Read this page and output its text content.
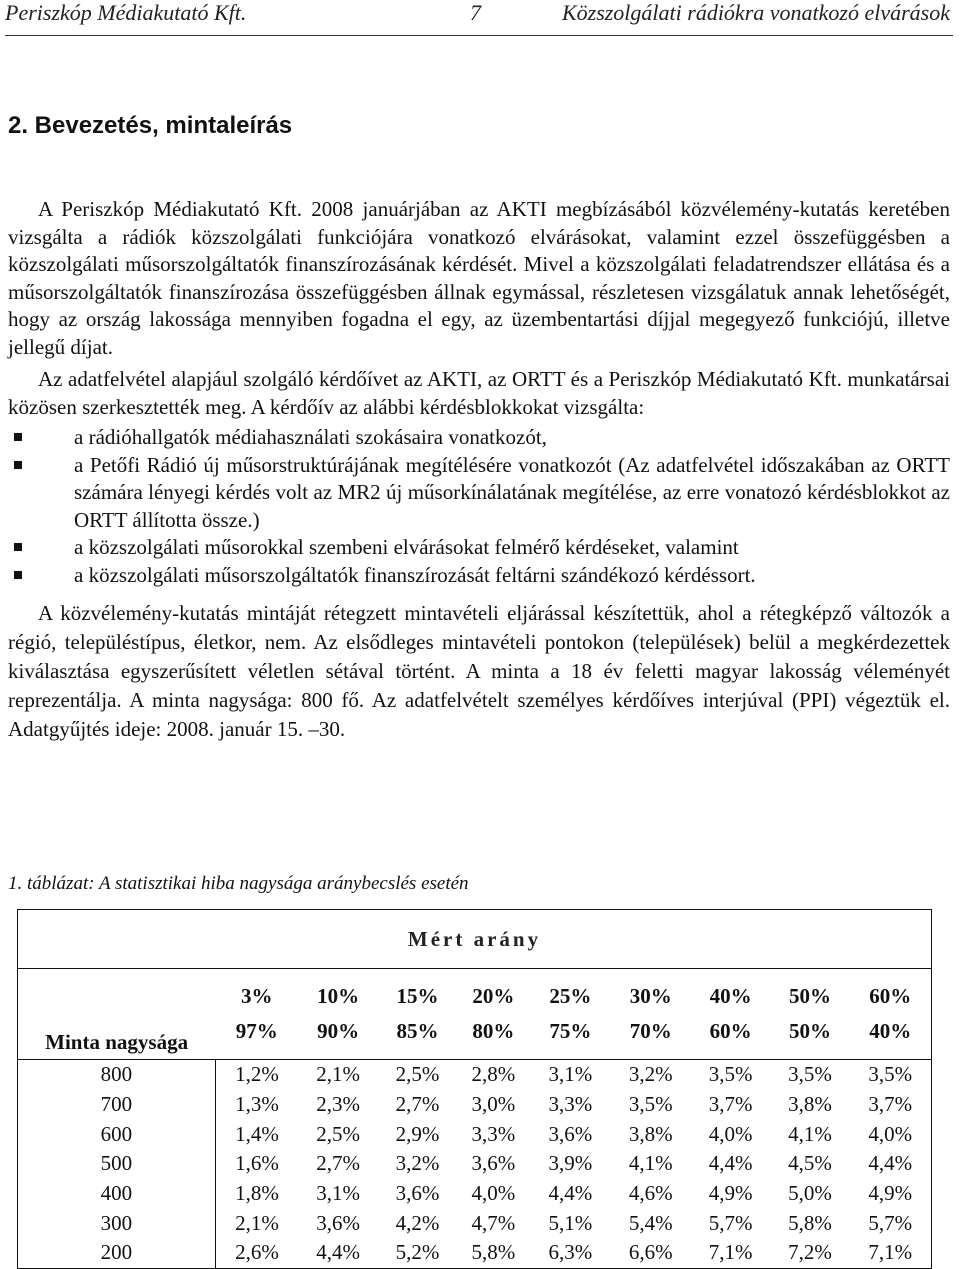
Periszkóp Médiakutató Kft.	7	Közszolgálati rádiókra vonatkozó elvárások
2. Bevezetés, mintaleírás

A Periszkóp Médiakutató Kft. 2008 januárjában az AKTI megbízásából közvélemény-kutatás keretében vizsgálta a rádiók közszolgálati funkciójára vonatkozó elvárásokat, valamint ezzel összefüggésben a közszolgálati műsorszolgáltatók finanszírozásának kérdését. Mivel a közszolgálati feladatrendszer ellátása és a műsorszolgáltatók finanszírozása összefüggésben állnak egymással, részletesen vizsgálatuk annak lehetőségét, hogy az ország lakossága mennyiben fogadna el egy, az üzembentartási díjjal megegyező funkciójú, illetve jellegű díjat.

Az adatfelvétel alapjául szolgáló kérdőívet az AKTI, az ORTT és a Periszkóp Médiakutató Kft. munkatársai közösen szerkesztették meg. A kérdőív az alábbi kérdésblokkokat vizsgálta:

a rádióhallgatók médiahasználati szokásaira vonatkozót,
a Petőfi Rádió új műsorstruktúrájának megítélésére vonatkozót (Az adatfelvétel időszakában az ORTT számára lényegi kérdés volt az MR2 új műsorkínálatának megítélése, az erre vonatozó kérdésblokkot az ORTT állította össze.)
a közszolgálati műsorokkal szembeni elvárásokat felmérő kérdéseket, valamint
a közszolgálati műsorszolgáltatók finanszírozását feltárni szándékozó kérdéssort.

A közvélemény-kutatás mintáját rétegzett mintavételi eljárással készítettük, ahol a rétegképző változók a régió, településtípus, életkor, nem. Az elsődleges mintavételi pontokon (települések) belül a megkérdezettek kiválasztása egyszerűsített véletlen sétával történt. A minta a 18 év feletti magyar lakosság véleményét reprezentálja. A minta nagysága: 800 fő. Az adatfelvételt személyes kérdőíves interjúval (PPI) végeztük el. Adatgyűjtés ideje: 2008. január 15. –30.

1. táblázat: A statisztikai hiba nagysága aránybecslés esetén
Mért arány									
Minta nagysága	3%	10%	15%	20%	25%	30%	40%	50%	60%
	97%	90%	85%	80%	75%	70%	60%	50%	40%
800	1,2%	2,1%	2,5%	2,8%	3,1%	3,2%	3,5%	3,5%	3,5%
700	1,3%	2,3%	2,7%	3,0%	3,3%	3,5%	3,7%	3,8%	3,7%
600	1,4%	2,5%	2,9%	3,3%	3,6%	3,8%	4,0%	4,1%	4,0%
500	1,6%	2,7%	3,2%	3,6%	3,9%	4,1%	4,4%	4,5%	4,4%
400	1,8%	3,1%	3,6%	4,0%	4,4%	4,6%	4,9%	5,0%	4,9%
300	2,1%	3,6%	4,2%	4,7%	5,1%	5,4%	5,7%	5,8%	5,7%
200	2,6%	4,4%	5,2%	5,8%	6,3%	6,6%	7,1%	7,2%	7,1%
